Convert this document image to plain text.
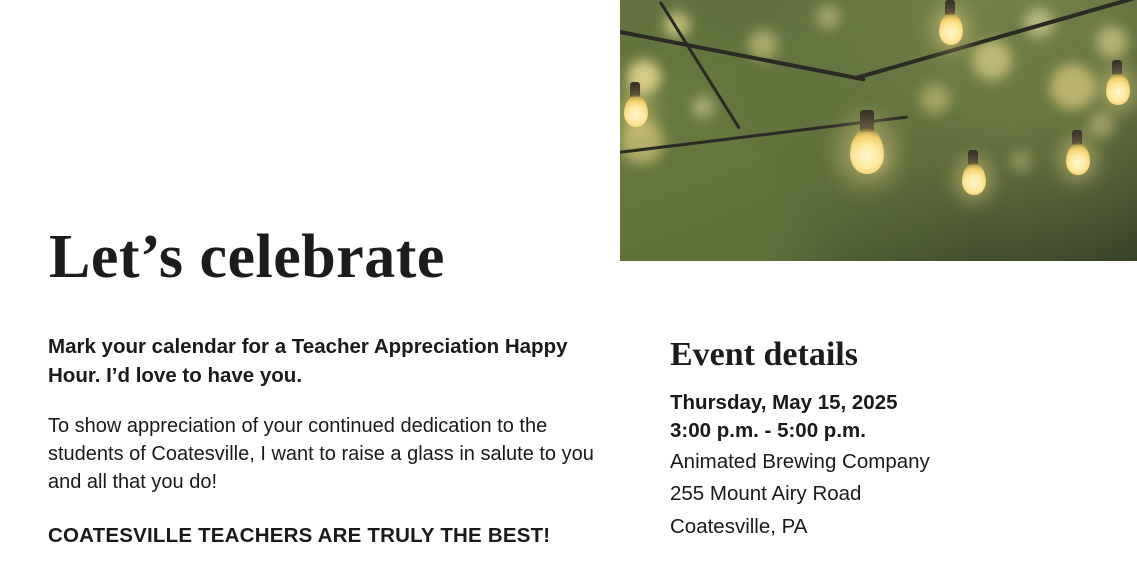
Let’s celebrate

Mark your calendar for a Teacher Appreciation Happy Hour. I’d love to have you.

To show appreciation of your continued dedication to the students of Coatesville, I want to raise a glass in salute to you and all that you do!

COATESVILLE TEACHERS ARE TRULY THE BEST!

Event details

Thursday, May 15, 2025

3:00 p.m. - 5:00 p.m.

Animated Brewing Company

255 Mount Airy Road

Coatesville, PA
